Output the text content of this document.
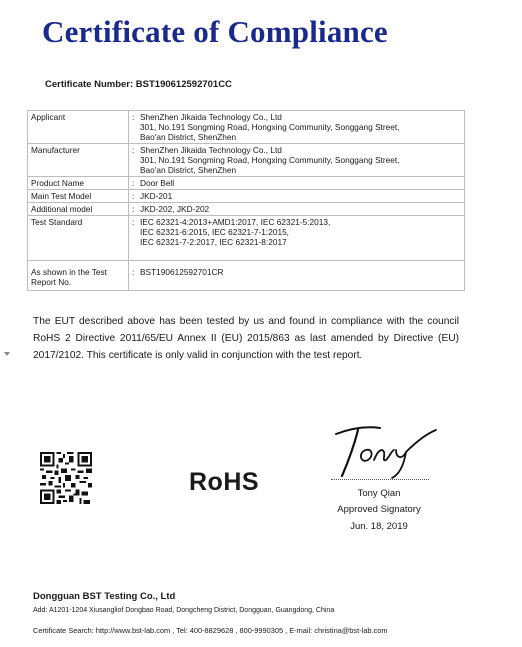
Certificate of Compliance
Certificate Number: BST190612592701CC
Applicant	:	ShenZhen Jikaida Technology Co., Ltd
301, No.191 Songming Road, Hongxing Community, Songgang Street,
Bao'an District, ShenZhen

Manufacturer	:	ShenZhen Jikaida Technology Co., Ltd
301, No.191 Songming Road, Hongxing Community, Songgang Street,
Bao'an District, ShenZhen

Product Name	:	Door Bell

Main Test Model	:	JKD-201

Additional model	:	JKD-202, JKD-202

Test Standard	:	IEC 62321-4:2013+AMD1:2017, IEC 62321-5:2013,
IEC 62321-6:2015, IEC 62321-7-1:2015,
IEC 62321-7-2:2017, IEC 62321-8:2017

As shown in the Test Report No.	:	BST190612592701CR
The EUT described above has been tested by us and found in compliance with the council RoHS 2 Directive 2011/65/EU Annex II (EU) 2015/863 as last amended by Directive (EU) 2017/2102. This certificate is only valid in conjunction with the test report.
RoHS	Tony Qian
Approved Signatory
Jun. 18, 2019
Dongguan BST Testing Co., Ltd
Add: A1201-1204 Xiusangliof Dongbao Road, Dongcheng District, Dongguan, Guangdong, China
Certificate Search: http://www.bst-lab.com , Tel: 400-8829628 , 800-9990305 , E-mail: christina@bst-lab.com
